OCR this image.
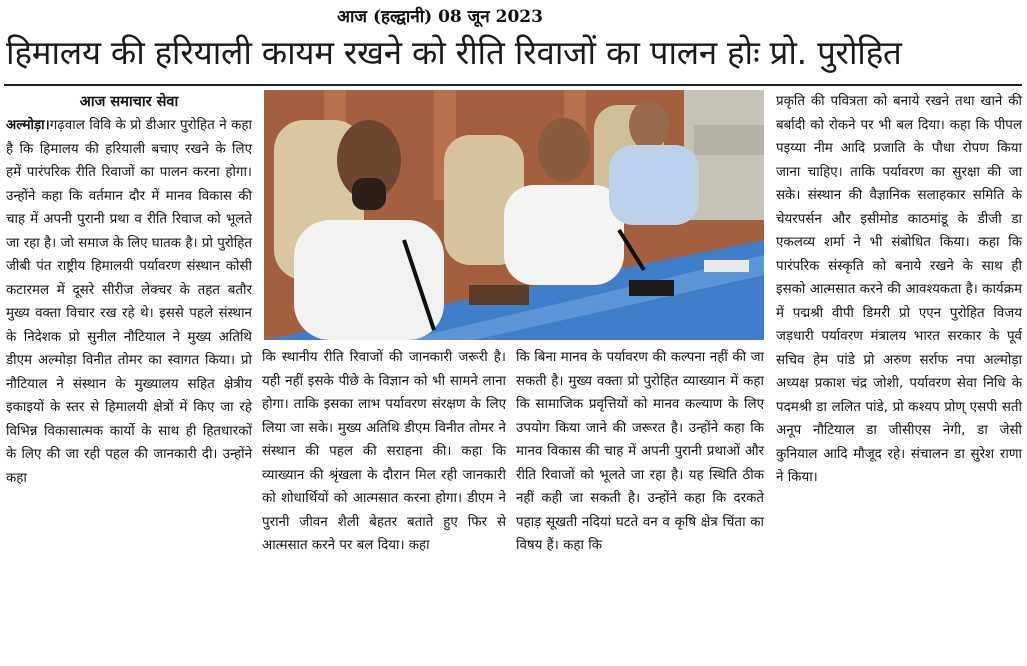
आज (हल्द्वानी) 08 जून 2023
हिमालय की हरियाली कायम रखने को रीति रिवाजों का पालन होः प्रो. पुरोहित
आज समाचार सेवा

अल्मोड़ा।गढ़वाल विवि के प्रो डीआर पुरोहित ने कहा है कि हिमालय की हरियाली बचाए रखने के लिए हमें पारंपरिक रीति रिवाजों का पालन करना होगा। उन्होंने कहा कि वर्तमान दौर में मानव विकास की चाह में अपनी पुरानी प्रथा व रीति रिवाज को भूलते जा रहा है। जो समाज के लिए घातक है। प्रो पुरोहित जीबी पंत राष्ट्रीय हिमालयी पर्यावरण संस्थान कोसी कटारमल में दूसरे सीरीज लेक्चर के तहत बतौर मुख्य वक्ता विचार रख रहे थे। इससे पहले संस्थान के निदेशक प्रो सुनील नौटियाल ने मुख्य अतिथि डीएम अल्मोड़ा विनीत तोमर का स्वागत किया। प्रो नौटियाल ने संस्थान के मुख्यालय सहित क्षेत्रीय इकाइयों के स्तर से हिमालयी क्षेत्रों में किए जा रहे विभिन्न विकासात्मक कार्यो के साथ ही हितधारकों के लिए की जा रही पहल की जानकारी दी। उन्होंने कहा

कि स्थानीय रीति रिवाजों की जानकारी जरूरी है। यही नहीं इसके पीछे के विज्ञान को भी सामने लाना होगा। ताकि इसका लाभ पर्यावरण संरक्षण के लिए लिया जा सके। मुख्य अतिथि डीएम विनीत तोमर ने संस्थान की पहल की सराहना की। कहा कि व्याख्यान की श्रृंखला के दौरान मिल रही जानकारी को शोधार्थियों को आत्मसात करना होगा। डीएम ने पुरानी जीवन शैली बेहतर बताते हुए फिर से आत्मसात करने पर बल दिया। कहा

कि बिना मानव के पर्यावरण की कल्पना नहीं की जा सकती है। मुख्य वक्ता प्रो पुरोहित व्याख्यान में कहा कि सामाजिक प्रवृत्तियों को मानव कल्याण के लिए उपयोग किया जाने की जरूरत है। उन्होंने कहा कि मानव विकास की चाह में अपनी पुरानी प्रथाओं और रीति रिवाजों को भूलते जा रहा है। यह स्थिति ठीक नहीं कही जा सकती है। उन्होंने कहा कि दरकते पहाड़ सूखती नदियां घटते वन व कृषि क्षेत्र चिंता का विषय हैं। कहा कि

प्रकृति की पवित्रता को बनाये रखने तथा खाने की बर्बादी को रोकने पर भी बल दिया। कहा कि पीपल पइय्या नीम आदि प्रजाति के पौधा रोपण किया जाना चाहिए। ताकि पर्यावरण का सुरक्षा की जा सके। संस्थान की वैज्ञानिक सलाहकार समिति के चेयरपर्सन और इसीमोड काठमांडू के डीजी डा एकलव्य शर्मा ने भी संबोधित किया। कहा कि पारंपरिक संस्कृति को बनाये रखने के साथ ही इसको आत्मसात करने की आवश्यकता है। कार्यक्रम में पद्मश्री वीपी डिमरी प्रो एएन पुरोहित विजय जड़धारी पर्यावरण मंत्रालय भारत सरकार के पूर्व सचिव हेम पांडे प्रो अरुण सर्राफ नपा अल्मोड़ा अध्यक्ष प्रकाश चंद्र जोशी, पर्यावरण सेवा निधि के पदमश्री डा ललित पांडे, प्रो कश्यप प्रोण् एसपी सती अनूप नौटियाल डा जीसीएस नेगी, डा जेसी कुनियाल आदि मौजूद रहे। संचालन डा सुरेश राणा ने किया।
